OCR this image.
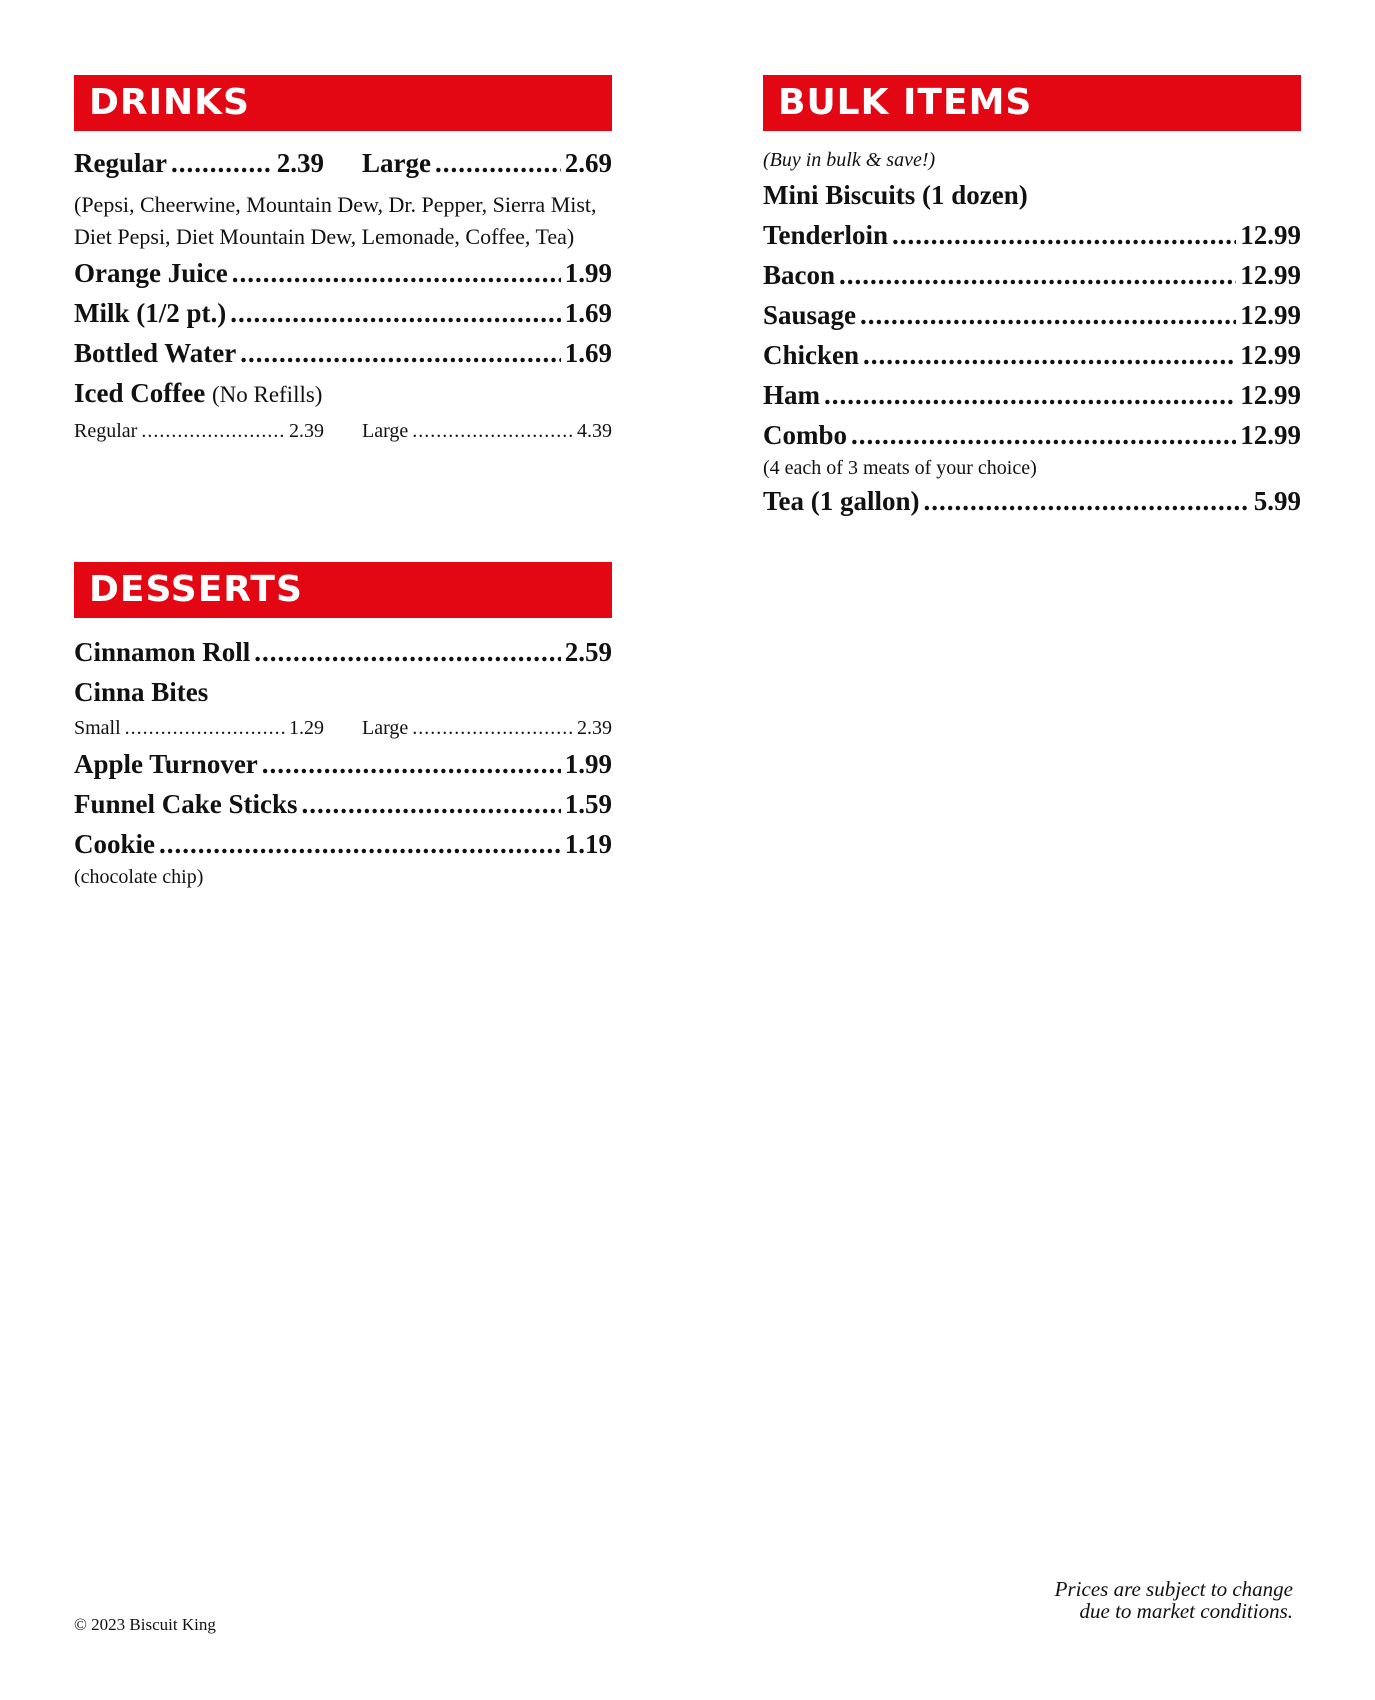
DRINKS
Regular .....	2.39 Large .....	2.69
(Pepsi, Cheerwine, Mountain Dew, Dr. Pepper, Sierra Mist, Diet Pepsi, Diet Mountain Dew, Lemonade, Coffee, Tea)
Orange Juice .....	1.99
Milk (1/2 pt.) .....	1.69
Bottled Water .....	1.69
Iced Coffee (No Refills)
Regular .....	2.39 Large .....	4.39
DESSERTS
Cinnamon Roll .....	2.59
Cinna Bites
Small .....	1.29 Large .....	2.39
Apple Turnover .....	1.99
Funnel Cake Sticks .....	1.59
Cookie .....	1.19
(chocolate chip)
BULK ITEMS
(Buy in bulk & save!)
Mini Biscuits (1 dozen)
Tenderloin .....	12.99
Bacon .....	12.99
Sausage .....	12.99
Chicken .....	12.99
Ham .....	12.99
Combo .....	12.99
(4 each of 3 meats of your choice)
Tea (1 gallon) .....	5.99
© 2023 Biscuit King
Prices are subject to change
due to market conditions.
